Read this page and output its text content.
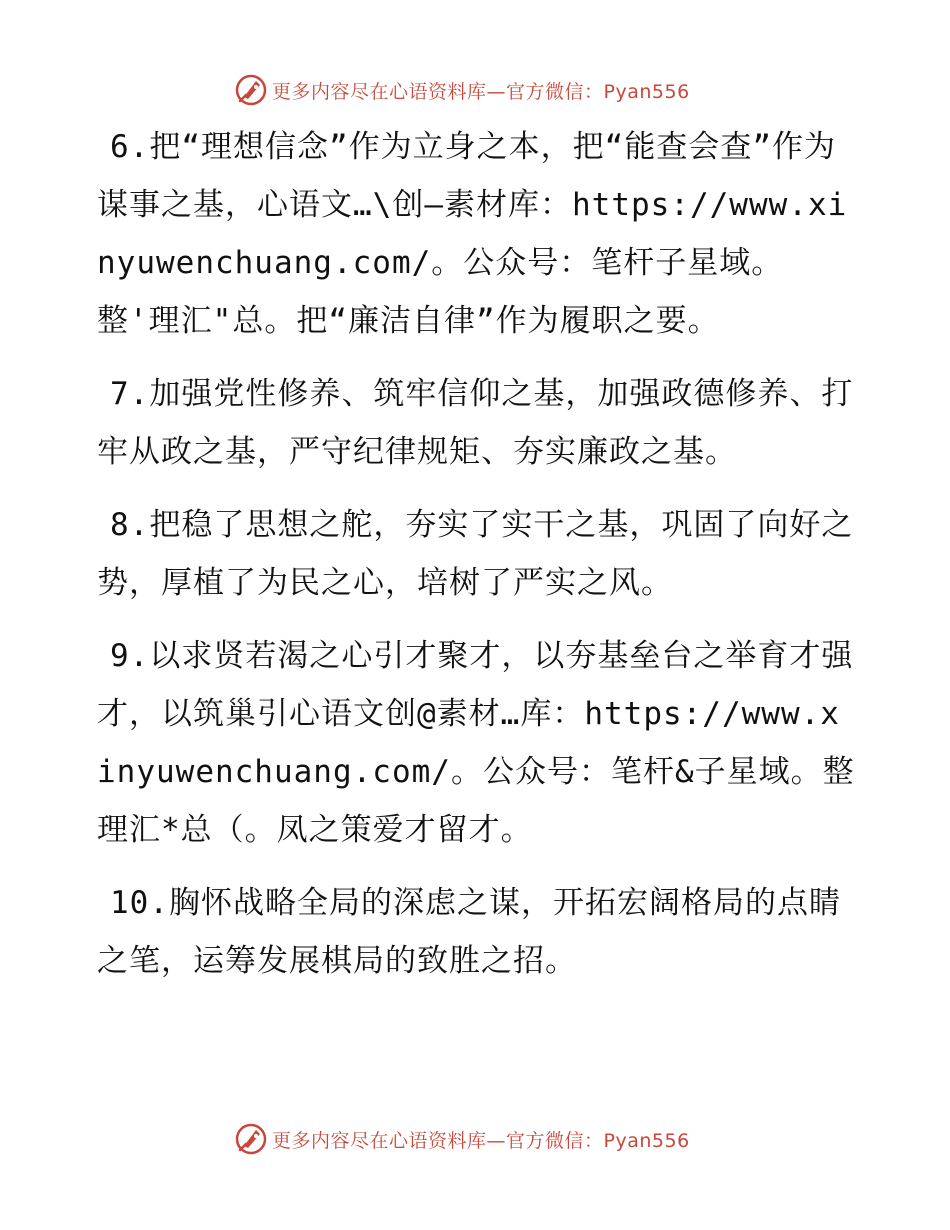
更多内容尽在心语资料库—官方微信：Pyan556

6.把“理想信念”作为立身之本，把“能查会查”作为谋事之基，心语文…\创—素材库：https://www.xinyuwenchuang.com/。公众号：笔杆子星域。整'理汇"总。把“廉洁自律”作为履职之要。

7.加强党性修养、筑牢信仰之基，加强政德修养、打牢从政之基，严守纪律规矩、夯实廉政之基。

8.把稳了思想之舵，夯实了实干之基，巩固了向好之势，厚植了为民之心，培树了严实之风。

9.以求贤若渴之心引才聚才，以夯基垒台之举育才强才，以筑巢引心语文创@素材…库：https://www.xinyuwenchuang.com/。公众号：笔杆&子星域。整理汇*总（。凤之策爱才留才。

10.胸怀战略全局的深虑之谋，开拓宏阔格局的点睛之笔，运筹发展棋局的致胜之招。

更多内容尽在心语资料库—官方微信：Pyan556
